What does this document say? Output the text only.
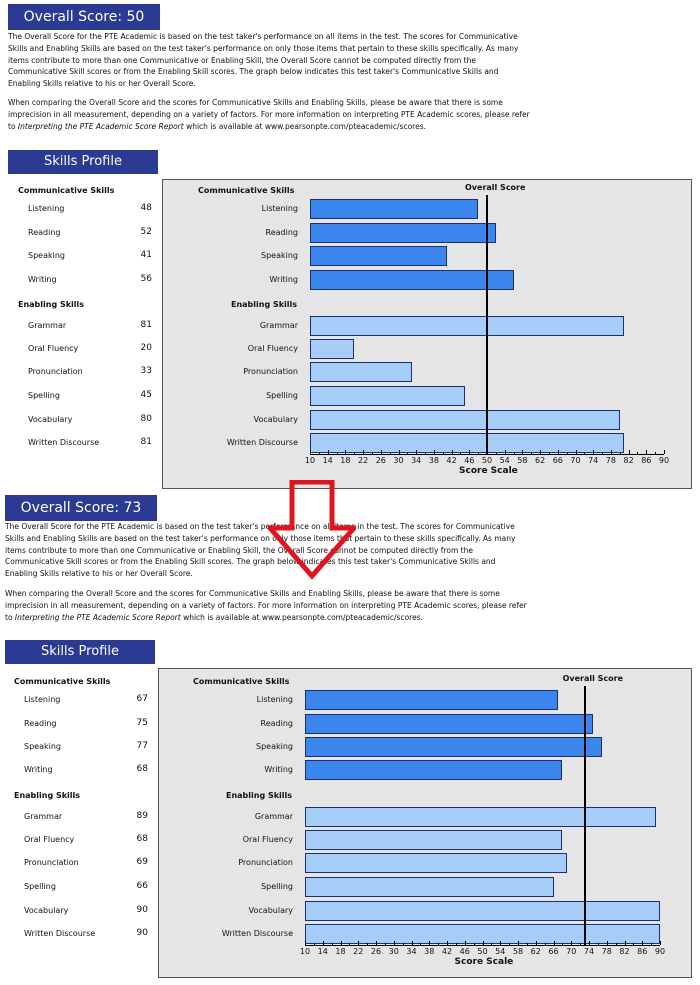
Overall Score: 50
The Overall Score for the PTE Academic is based on the test taker's performance on all items in the test. The scores for Communicative Skills and Enabling Skills are based on the test taker's performance on only those items that pertain to these skills specifically. As many items contribute to more than one Communicative or Enabling Skill, the Overall Score cannot be computed directly from the Communicative Skill scores or from the Enabling Skill scores. The graph below indicates this test taker's Communicative Skills and Enabling Skills relative to his or her Overall Score.
When comparing the Overall Score and the scores for Communicative Skills and Enabling Skills, please be aware that there is some imprecision in all measurement, depending on a variety of factors. For more information on interpreting PTE Academic scores, please refer to Interpreting the PTE Academic Score Report which is available at www.pearsonpte.com/pteacademic/scores.
Skills Profile
Communicative Skills
Enabling Skills
Listening	48
Reading	52
Speaking	41
Writing	56
Grammar	81
Oral Fluency	20
Pronunciation	33
Spelling	45
Vocabulary	80
Written Discourse	81
Communicative Skills
Enabling Skills
Listening
Reading
Speaking
Writing
Grammar
Oral Fluency
Pronunciation
Spelling
Vocabulary
Written Discourse
Overall Score
10 14 18 22 26 30 34 38 42 46 50 54 58 62 66 70 74 78 82 86 90
Score Scale
Overall Score: 73
The Overall Score for the PTE Academic is based on the test taker's performance on all items in the test. The scores for Communicative Skills and Enabling Skills are based on the test taker's performance on only those items that pertain to these skills specifically. As many items contribute to more than one Communicative or Enabling Skill, the Overall Score cannot be computed directly from the Communicative Skill scores or from the Enabling Skill scores. The graph below indicates this test taker's Communicative Skills and Enabling Skills relative to his or her Overall Score.
When comparing the Overall Score and the scores for Communicative Skills and Enabling Skills, please be aware that there is some imprecision in all measurement, depending on a variety of factors. For more information on interpreting PTE Academic scores, please refer to Interpreting the PTE Academic Score Report which is available at www.pearsonpte.com/pteacademic/scores.
Skills Profile
Communicative Skills
Enabling Skills
Listening	67
Reading	75
Speaking	77
Writing	68
Grammar	89
Oral Fluency	68
Pronunciation	69
Spelling	66
Vocabulary	90
Written Discourse	90
Communicative Skills
Enabling Skills
Listening
Reading
Speaking
Writing
Grammar
Oral Fluency
Pronunciation
Spelling
Vocabulary
Written Discourse
Overall Score
10 14 18 22 26 30 34 38 42 46 50 54 58 62 66 70 74 78 82 86 90
Score Scale
